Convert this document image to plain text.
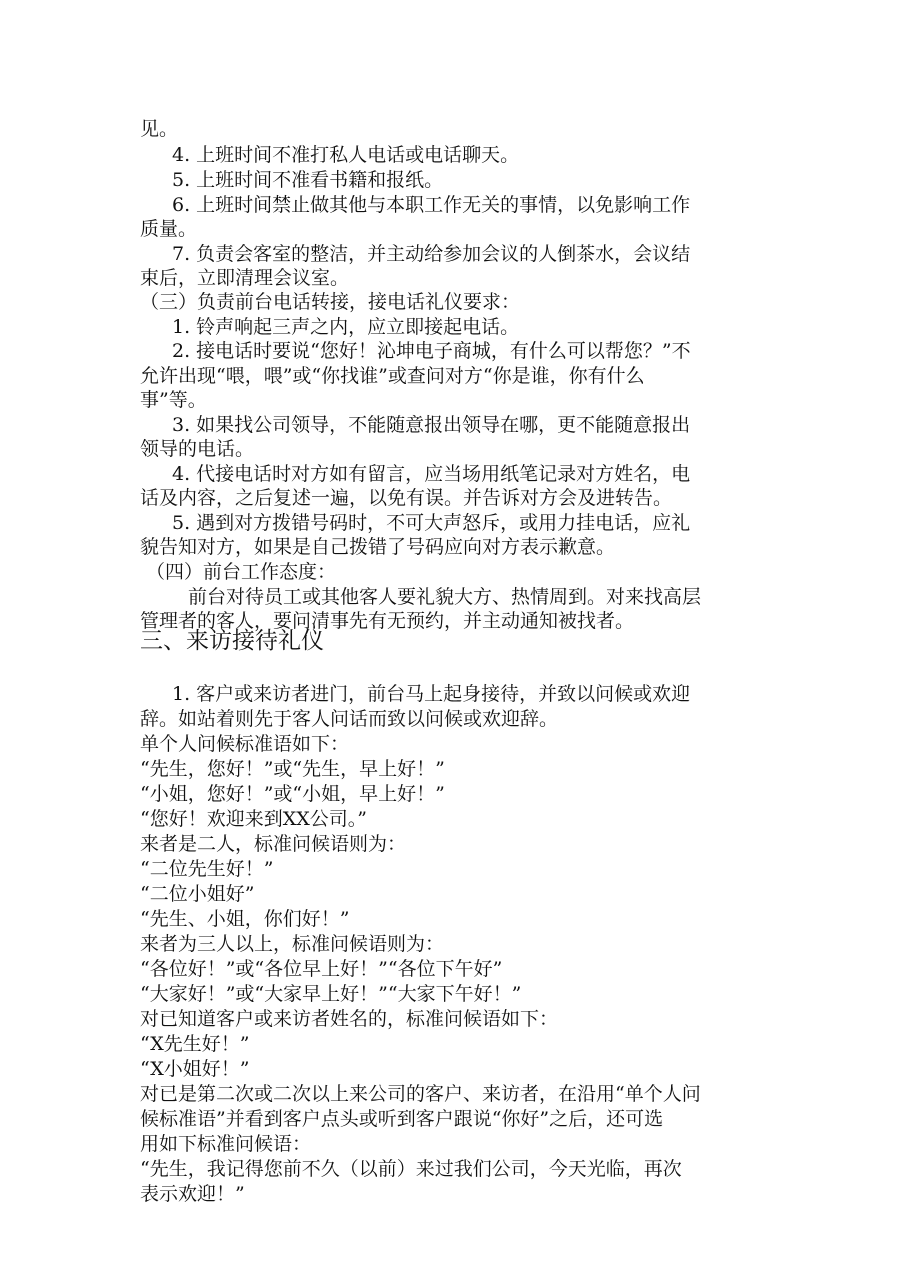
三、来访接待礼仪
见。
4. 上班时间不准打私人电话或电话聊天。
5. 上班时间不准看书籍和报纸。
6. 上班时间禁止做其他与本职工作无关的事情，以免影响工作
质量。
7. 负责会客室的整洁，并主动给参加会议的人倒茶水，会议结
束后，立即清理会议室。
（三）负责前台电话转接，接电话礼仪要求：
1. 铃声响起三声之内，应立即接起电话。
2. 接电话时要说“您好！沁坤电子商城，有什么可以帮您？”不
允许出现“喂，喂”或“你找谁”或查问对方“你是谁，你有什么
事”等。
3. 如果找公司领导，不能随意报出领导在哪，更不能随意报出
领导的电话。
4. 代接电话时对方如有留言，应当场用纸笔记录对方姓名，电
话及内容，之后复述一遍，以免有误。并告诉对方会及进转告。
5. 遇到对方拨错号码时，不可大声怒斥，或用力挂电话，应礼
貌告知对方，如果是自己拨错了号码应向对方表示歉意。
（四）前台工作态度：
前台对待员工或其他客人要礼貌大方、热情周到。对来找高层
管理者的客人，要问清事先有无预约，并主动通知被找者。
1. 客户或来访者进门，前台马上起身接待，并致以问候或欢迎
辞。如站着则先于客人问话而致以问候或欢迎辞。
单个人问候标准语如下：
“先生，您好！”或“先生，早上好！”
“小姐，您好！”或“小姐，早上好！”
“您好！欢迎来到XX公司。”
来者是二人，标准问候语则为：
“二位先生好！”
“二位小姐好”
“先生、小姐，你们好！”
来者为三人以上，标准问候语则为：
“各位好！”或“各位早上好！”“各位下午好”
“大家好！”或“大家早上好！”“大家下午好！”
对已知道客户或来访者姓名的，标准问候语如下：
“X先生好！”
“X小姐好！”
对已是第二次或二次以上来公司的客户、来访者，在沿用“单个人问
候标准语”并看到客户点头或听到客户跟说“你好”之后，还可选
用如下标准问候语：
“先生，我记得您前不久（以前）来过我们公司，今天光临，再次
表示欢迎！”
